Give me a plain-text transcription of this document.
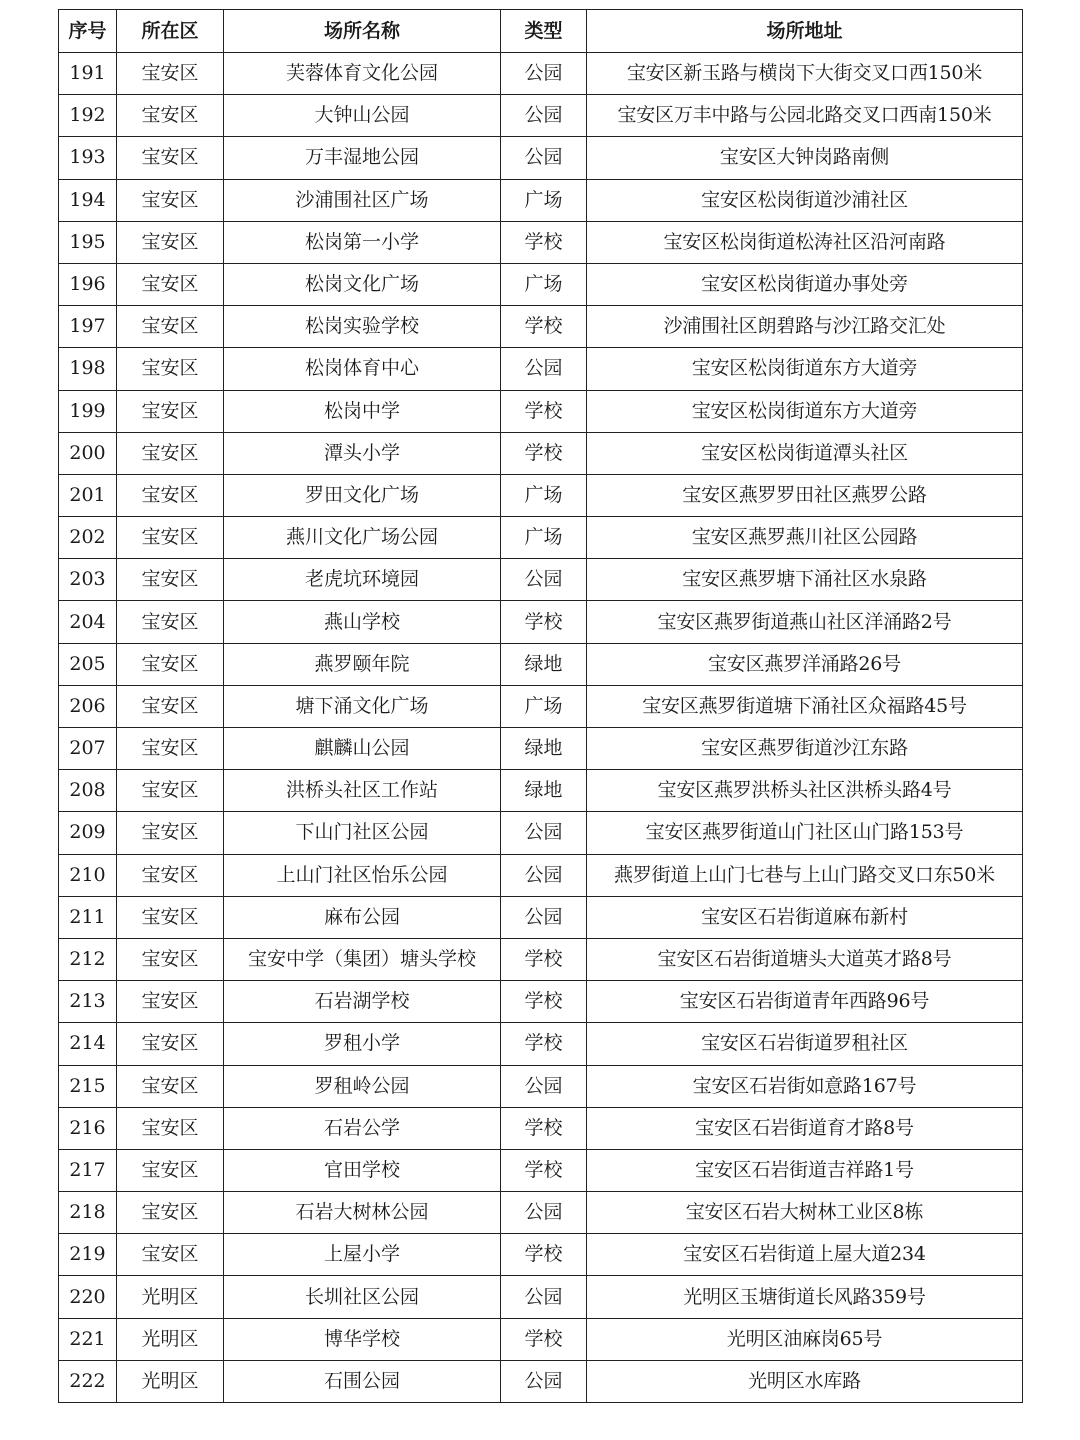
序号	所在区	场所名称	类型	场所地址
191	宝安区	芙蓉体育文化公园	公园	宝安区新玉路与横岗下大街交叉口西150米
192	宝安区	大钟山公园	公园	宝安区万丰中路与公园北路交叉口西南150米
193	宝安区	万丰湿地公园	公园	宝安区大钟岗路南侧
194	宝安区	沙浦围社区广场	广场	宝安区松岗街道沙浦社区
195	宝安区	松岗第一小学	学校	宝安区松岗街道松涛社区沿河南路
196	宝安区	松岗文化广场	广场	宝安区松岗街道办事处旁
197	宝安区	松岗实验学校	学校	沙浦围社区朗碧路与沙江路交汇处
198	宝安区	松岗体育中心	公园	宝安区松岗街道东方大道旁
199	宝安区	松岗中学	学校	宝安区松岗街道东方大道旁
200	宝安区	潭头小学	学校	宝安区松岗街道潭头社区
201	宝安区	罗田文化广场	广场	宝安区燕罗罗田社区燕罗公路
202	宝安区	燕川文化广场公园	广场	宝安区燕罗燕川社区公园路
203	宝安区	老虎坑环境园	公园	宝安区燕罗塘下涌社区水泉路
204	宝安区	燕山学校	学校	宝安区燕罗街道燕山社区洋涌路2号
205	宝安区	燕罗颐年院	绿地	宝安区燕罗洋涌路26号
206	宝安区	塘下涌文化广场	广场	宝安区燕罗街道塘下涌社区众福路45号
207	宝安区	麒麟山公园	绿地	宝安区燕罗街道沙江东路
208	宝安区	洪桥头社区工作站	绿地	宝安区燕罗洪桥头社区洪桥头路4号
209	宝安区	下山门社区公园	公园	宝安区燕罗街道山门社区山门路153号
210	宝安区	上山门社区怡乐公园	公园	燕罗街道上山门七巷与上山门路交叉口东50米
211	宝安区	麻布公园	公园	宝安区石岩街道麻布新村
212	宝安区	宝安中学（集团）塘头学校	学校	宝安区石岩街道塘头大道英才路8号
213	宝安区	石岩湖学校	学校	宝安区石岩街道青年西路96号
214	宝安区	罗租小学	学校	宝安区石岩街道罗租社区
215	宝安区	罗租岭公园	公园	宝安区石岩街如意路167号
216	宝安区	石岩公学	学校	宝安区石岩街道育才路8号
217	宝安区	官田学校	学校	宝安区石岩街道吉祥路1号
218	宝安区	石岩大树林公园	公园	宝安区石岩大树林工业区8栋
219	宝安区	上屋小学	学校	宝安区石岩街道上屋大道234
220	光明区	长圳社区公园	公园	光明区玉塘街道长风路359号
221	光明区	博华学校	学校	光明区油麻岗65号
222	光明区	石围公园	公园	光明区水库路
